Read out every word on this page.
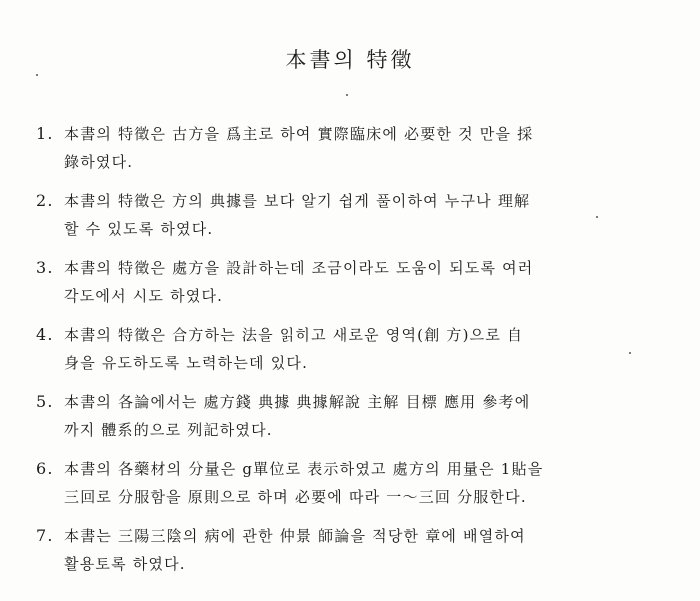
本書의 特徵
1. 本書의 特徵은 古方을 爲主로 하여 實際臨床에 必要한 것 만을 採
錄하였다.
2. 本書의 特徵은 方의 典據를 보다 알기 쉽게 풀이하여 누구나 理解
할 수 있도록 하였다.
3. 本書의 特徵은 處方을 設計하는데 조금이라도 도움이 되도록 여러
각도에서 시도 하였다.
4. 本書의 特徵은 合方하는 法을 읽히고 새로운 영역(創 方)으로 自
身을 유도하도록 노력하는데 있다.
5. 本書의 各論에서는 處方錢 典據 典據解說 主解 目標 應用 參考에
까지 體系的으로 列記하였다.
6. 本書의 各藥材의 分量은 g單位로 表示하였고 處方의 用量은 1貼을
三回로 分服함을 原則으로 하며 必要에 따라 一～三回 分服한다.
7. 本書는 三陽三陰의 病에 관한 仲景 師論을 적당한 章에 배열하여
활용토록 하였다.
